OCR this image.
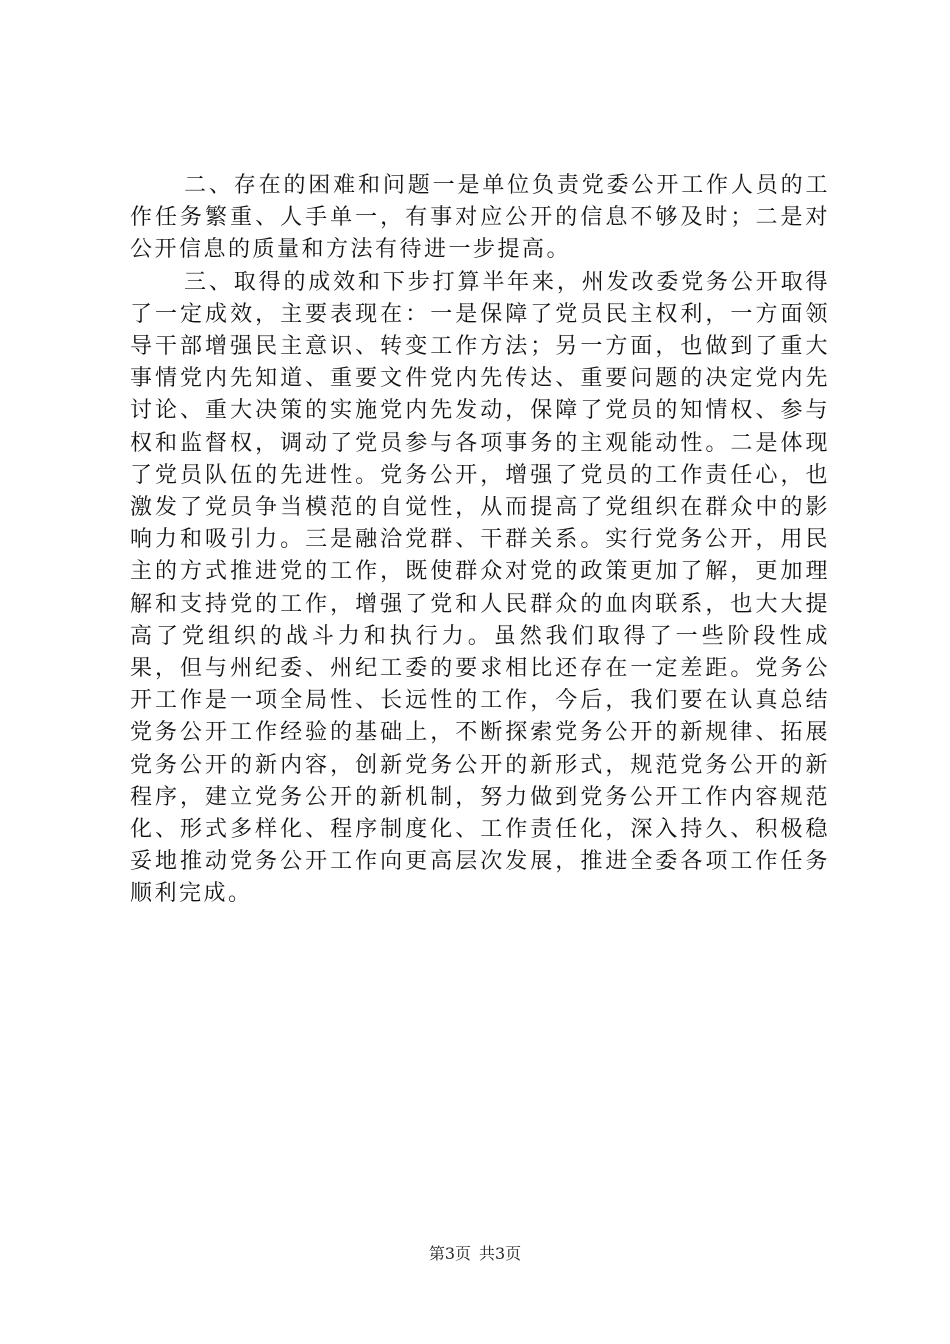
二、存在的困难和问题一是单位负责党委公开工作人员的工作任务繁重、人手单一，有事对应公开的信息不够及时；二是对公开信息的质量和方法有待进一步提高。

三、取得的成效和下步打算半年来，州发改委党务公开取得了一定成效，主要表现在：一是保障了党员民主权利，一方面领导干部增强民主意识、转变工作方法；另一方面，也做到了重大事情党内先知道、重要文件党内先传达、重要问题的决定党内先讨论、重大决策的实施党内先发动，保障了党员的知情权、参与权和监督权，调动了党员参与各项事务的主观能动性。二是体现了党员队伍的先进性。党务公开，增强了党员的工作责任心，也激发了党员争当模范的自觉性，从而提高了党组织在群众中的影响力和吸引力。三是融洽党群、干群关系。实行党务公开，用民主的方式推进党的工作，既使群众对党的政策更加了解，更加理解和支持党的工作，增强了党和人民群众的血肉联系，也大大提高了党组织的战斗力和执行力。虽然我们取得了一些阶段性成果，但与州纪委、州纪工委的要求相比还存在一定差距。党务公开工作是一项全局性、长远性的工作，今后，我们要在认真总结党务公开工作经验的基础上，不断探索党务公开的新规律、拓展党务公开的新内容，创新党务公开的新形式，规范党务公开的新程序，建立党务公开的新机制，努力做到党务公开工作内容规范化、形式多样化、程序制度化、工作责任化，深入持久、积极稳妥地推动党务公开工作向更高层次发展，推进全委各项工作任务顺利完成。

第3页 共3页
